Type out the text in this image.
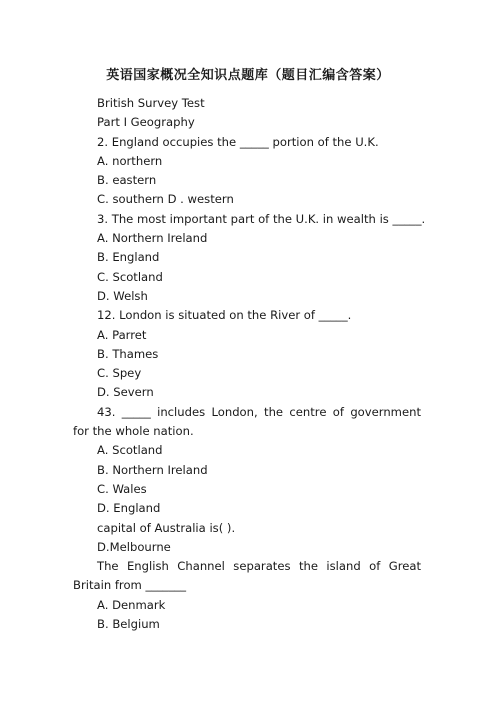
英语国家概况全知识点题库（题目汇编含答案）
British Survey Test
Part I Geography
2. England occupies the _____ portion of the U.K.
A. northern
B. eastern
C. southern D . western
3. The most important part of the U.K. in wealth is _____.
A. Northern Ireland
B. England
C. Scotland
D. Welsh
12. London is situated on the River of _____.
A. Parret
B. Thames
C. Spey
D. Severn
43. _____ includes London, the centre of government for the whole nation.
A. Scotland
B. Northern Ireland
C. Wales
D. England
capital of Australia is( ).
D.Melbourne
The English Channel separates the island of Great Britain from _______
A. Denmark
B. Belgium
